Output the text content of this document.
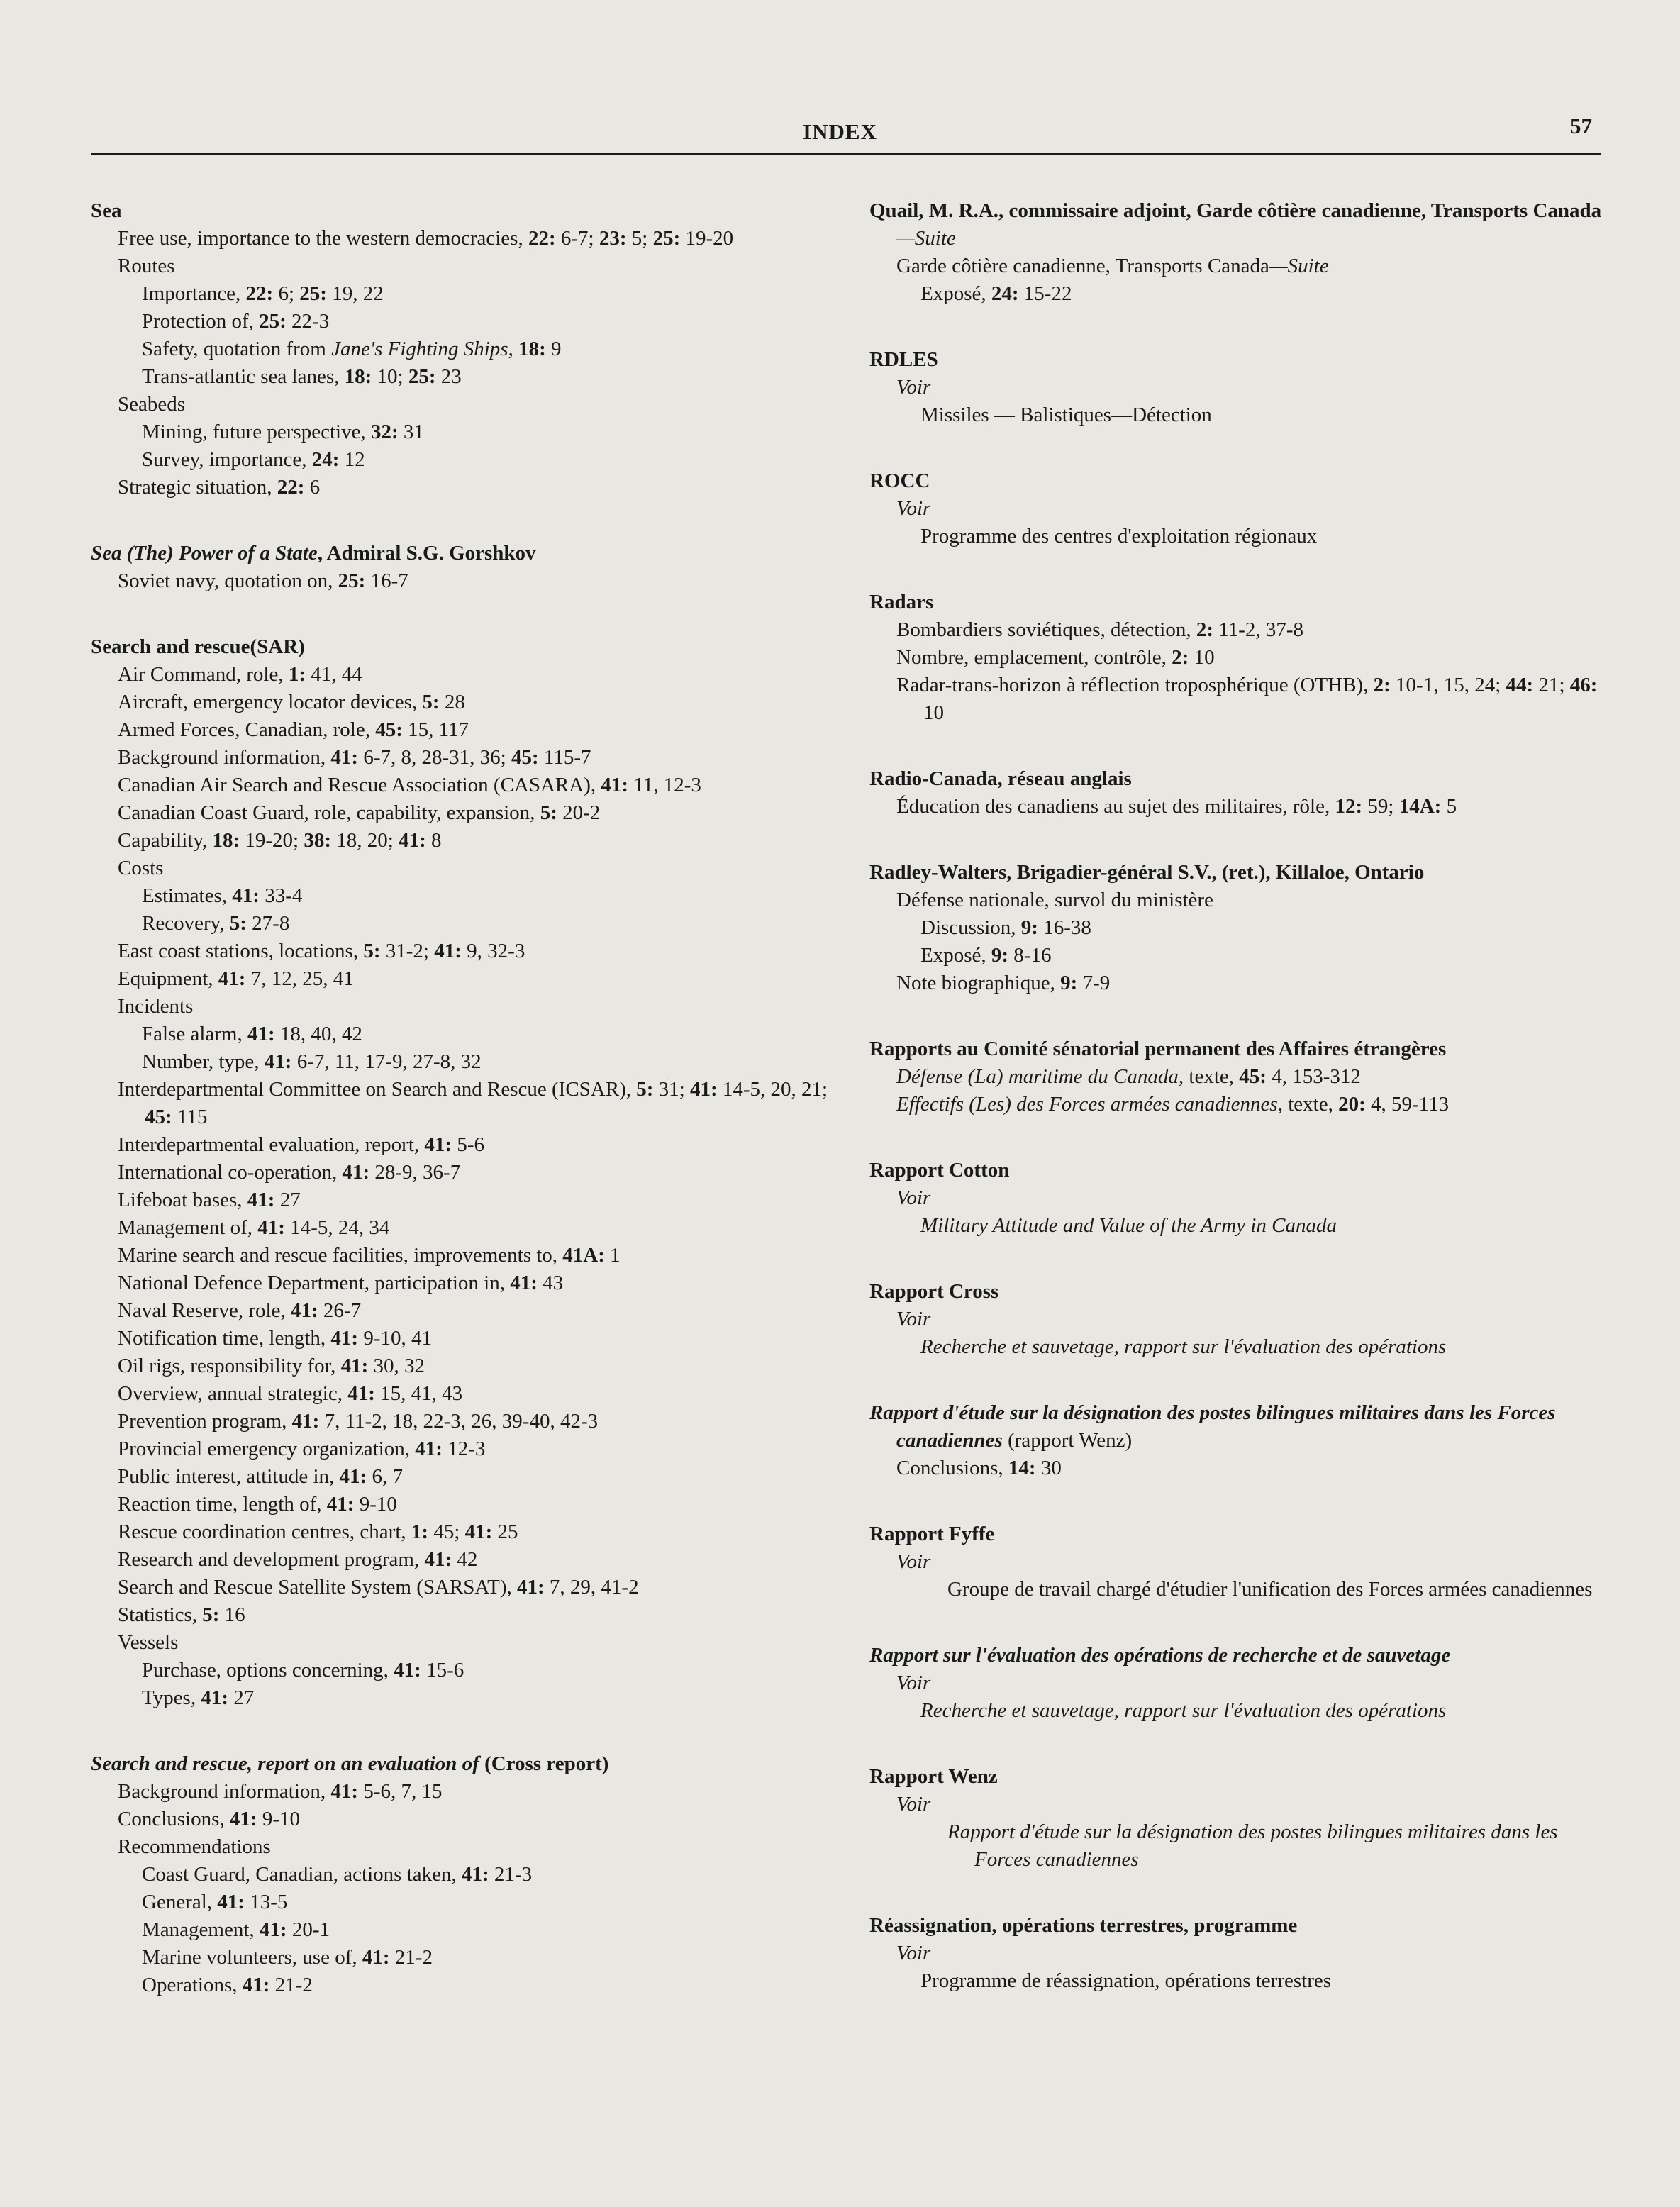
INDEX	57
Sea
Free use, importance to the western democracies, 22: 6-7; 23: 5; 25: 19-20
Routes
Importance, 22: 6; 25: 19, 22
Protection of, 25: 22-3
Safety, quotation from Jane's Fighting Ships, 18: 9
Trans-atlantic sea lanes, 18: 10; 25: 23
Seabeds
Mining, future perspective, 32: 31
Survey, importance, 24: 12
Strategic situation, 22: 6
Sea (The) Power of a State, Admiral S.G. Gorshkov
Soviet navy, quotation on, 25: 16-7
Search and rescue(SAR)
Air Command, role, 1: 41, 44
Aircraft, emergency locator devices, 5: 28
Armed Forces, Canadian, role, 45: 15, 117
Background information, 41: 6-7, 8, 28-31, 36; 45: 115-7
Canadian Air Search and Rescue Association (CASARA), 41: 11, 12-3
Canadian Coast Guard, role, capability, expansion, 5: 20-2
Capability, 18: 19-20; 38: 18, 20; 41: 8
Costs
Estimates, 41: 33-4
Recovery, 5: 27-8
East coast stations, locations, 5: 31-2; 41: 9, 32-3
Equipment, 41: 7, 12, 25, 41
Incidents
False alarm, 41: 18, 40, 42
Number, type, 41: 6-7, 11, 17-9, 27-8, 32
Interdepartmental Committee on Search and Rescue (ICSAR), 5: 31; 41: 14-5, 20, 21; 45: 115
Interdepartmental evaluation, report, 41: 5-6
International co-operation, 41: 28-9, 36-7
Lifeboat bases, 41: 27
Management of, 41: 14-5, 24, 34
Marine search and rescue facilities, improvements to, 41A: 1
National Defence Department, participation in, 41: 43
Naval Reserve, role, 41: 26-7
Notification time, length, 41: 9-10, 41
Oil rigs, responsibility for, 41: 30, 32
Overview, annual strategic, 41: 15, 41, 43
Prevention program, 41: 7, 11-2, 18, 22-3, 26, 39-40, 42-3
Provincial emergency organization, 41: 12-3
Public interest, attitude in, 41: 6, 7
Reaction time, length of, 41: 9-10
Rescue coordination centres, chart, 1: 45; 41: 25
Research and development program, 41: 42
Search and Rescue Satellite System (SARSAT), 41: 7, 29, 41-2
Statistics, 5: 16
Vessels
Purchase, options concerning, 41: 15-6
Types, 41: 27
Search and rescue, report on an evaluation of (Cross report)
Background information, 41: 5-6, 7, 15
Conclusions, 41: 9-10
Recommendations
Coast Guard, Canadian, actions taken, 41: 21-3
General, 41: 13-5
Management, 41: 20-1
Marine volunteers, use of, 41: 21-2
Operations, 41: 21-2
Quail, M. R.A., commissaire adjoint, Garde côtière canadienne, Transports Canada—Suite
Garde côtière canadienne, Transports Canada—Suite
Exposé, 24: 15-22
RDLES
Voir
Missiles — Balistiques—Détection
ROCC
Voir
Programme des centres d'exploitation régionaux
Radars
Bombardiers soviétiques, détection, 2: 11-2, 37-8
Nombre, emplacement, contrôle, 2: 10
Radar-trans-horizon à réflection troposphérique (OTHB), 2: 10-1, 15, 24; 44: 21; 46: 10
Radio-Canada, réseau anglais
Éducation des canadiens au sujet des militaires, rôle, 12: 59; 14A: 5
Radley-Walters, Brigadier-général S.V., (ret.), Killaloe, Ontario
Défense nationale, survol du ministère
Discussion, 9: 16-38
Exposé, 9: 8-16
Note biographique, 9: 7-9
Rapports au Comité sénatorial permanent des Affaires étrangères
Défense (La) maritime du Canada, texte, 45: 4, 153-312
Effectifs (Les) des Forces armées canadiennes, texte, 20: 4, 59-113
Rapport Cotton
Voir
Military Attitude and Value of the Army in Canada
Rapport Cross
Voir
Recherche et sauvetage, rapport sur l'évaluation des opérations
Rapport d'étude sur la désignation des postes bilingues militaires dans les Forces canadiennes (rapport Wenz)
Conclusions, 14: 30
Rapport Fyffe
Voir
Groupe de travail chargé d'étudier l'unification des Forces armées canadiennes
Rapport sur l'évaluation des opérations de recherche et de sauvetage
Voir
Recherche et sauvetage, rapport sur l'évaluation des opérations
Rapport Wenz
Voir
Rapport d'étude sur la désignation des postes bilingues militaires dans les Forces canadiennes
Réassignation, opérations terrestres, programme
Voir
Programme de réassignation, opérations terrestres
